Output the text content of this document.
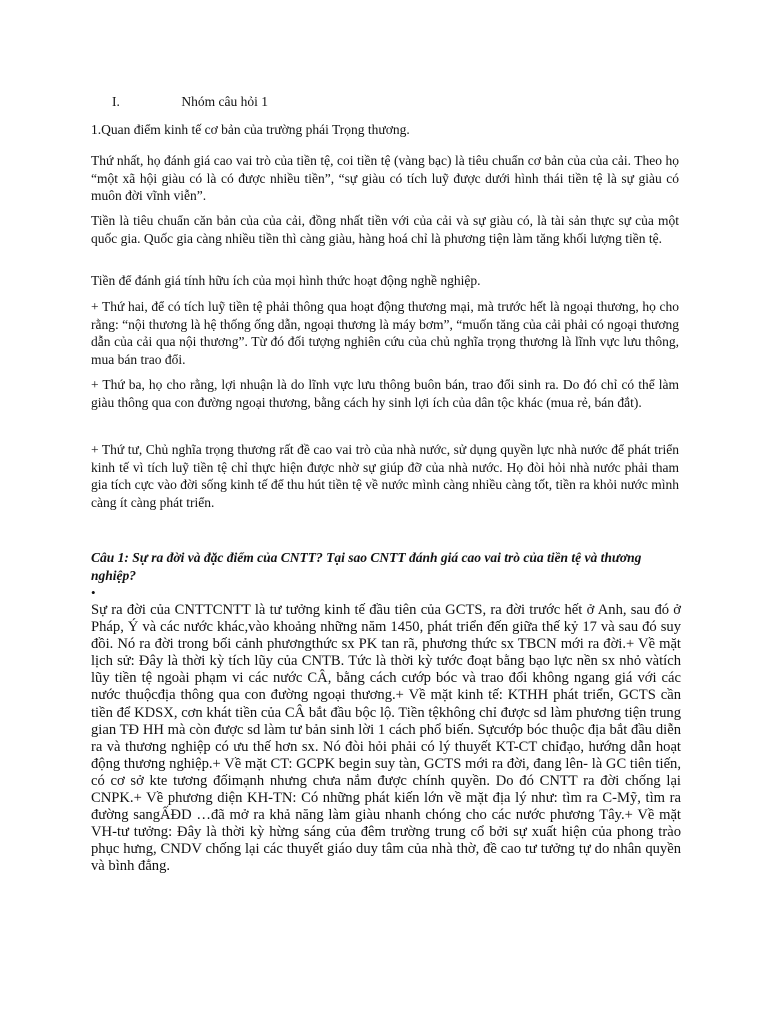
I.	Nhóm câu hỏi 1

1.Quan điểm kinh tế cơ bản của trường phái Trọng thương.

Thứ nhất, họ đánh giá cao vai trò của tiền tệ, coi tiền tệ (vàng bạc) là tiêu chuẩn cơ bản của của cải. Theo họ “một xã hội giàu có là có được nhiều tiền”, “sự giàu có tích luỹ được dưới hình thái tiền tệ là sự giàu có muôn đời vĩnh viễn”.

Tiền là tiêu chuẩn căn bản của của cải, đồng nhất tiền với của cải và sự giàu có, là tài sản thực sự của một quốc gia. Quốc gia càng nhiều tiền thì càng giàu, hàng hoá chỉ là phương tiện làm tăng khối lượng tiền tệ.

Tiền để đánh giá tính hữu ích của mọi hình thức hoạt động nghề nghiệp.

+ Thứ hai, để có tích luỹ tiền tệ phải thông qua hoạt động thương mại, mà trước hết là ngoại thương, họ cho rằng: “nội thương là hệ thống ống dẫn, ngoại thương là máy bơm”, “muốn tăng của cải phải có ngoại thương dẫn của cải qua nội thương”. Từ đó đối tượng nghiên cứu của chủ nghĩa trọng thương là lĩnh vực lưu thông, mua bán trao đổi.

+ Thứ ba, họ cho rằng, lợi nhuận là do lĩnh vực lưu thông buôn bán, trao đổi sinh ra. Do đó chỉ có thể làm giàu thông qua con đường ngoại thương, bằng cách hy sinh lợi ích của dân tộc khác (mua rẻ, bán đắt).

+ Thứ tư, Chủ nghĩa trọng thương rất đề cao vai trò của nhà nước, sử dụng quyền lực nhà nước để phát triển kinh tế vì tích luỹ tiền tệ chỉ thực hiện được nhờ sự giúp đỡ của nhà nước. Họ đòi hỏi nhà nước phải tham gia tích cực vào đời sống kinh tế để thu hút tiền tệ về nước mình càng nhiều càng tốt, tiền ra khỏi nước mình càng ít càng phát triển.

Câu 1: Sự ra đời và đặc điểm của CNTT? Tại sao CNTT đánh giá cao vai trò của tiền tệ và thương nghiệp?

•

Sự ra đời của CNTTCNTT là tư tưởng kinh tế đầu tiên của GCTS, ra đời trước hết ở Anh, sau đó ở Pháp, Ý và các nước khác,vào khoảng những năm 1450, phát triển đến giữa thế kỷ 17 và sau đó suy đồi. Nó ra đời trong bối cảnh phươngthức sx PK tan rã, phương thức sx TBCN mới ra đời.+ Về mặt lịch sử: Đây là thời kỳ tích lũy của CNTB. Tức là thời kỳ tước đoạt bằng bạo lực nền sx nhỏ vàtích lũy tiền tệ ngoài phạm vi các nước CÂ, bằng cách cướp bóc và trao đổi không ngang giá với các nước thuộcđịa thông qua con đường ngoại thương.+ Về mặt kinh tế: KTHH phát triển, GCTS cần tiền để KDSX, cơn khát tiền của CÂ bắt đầu bộc lộ. Tiền tệkhông chỉ được sd làm phương tiện trung gian TĐ HH mà còn được sd làm tư bản sinh lời 1 cách phổ biến. Sựcướp bóc thuộc địa bắt đầu diễn ra và thương nghiệp có ưu thế hơn sx. Nó đòi hỏi phải có lý thuyết KT-CT chỉđạo, hướng dẫn hoạt động thương nghiệp.+ Về mặt CT: GCPK begin suy tàn, GCTS mới ra đời, đang lên- là GC tiên tiến, có cơ sở kte tương đốimạnh nhưng chưa nắm được chính quyền. Do đó CNTT ra đời chống lại CNPK.+ Về phương diện KH-TN: Có những phát kiến lớn về mặt địa lý như: tìm ra C-Mỹ, tìm ra đường sangẤĐD …đã mở ra khả năng làm giàu nhanh chóng cho các nước phương Tây.+ Về mặt VH-tư tưởng: Đây là thời kỳ hừng sáng của đêm trường trung cổ bởi sự xuất hiện của phong trào phục hưng, CNDV chống lại các thuyết giáo duy tâm của nhà thờ, đề cao tư tưởng tự do nhân quyền và bình đẳng.
